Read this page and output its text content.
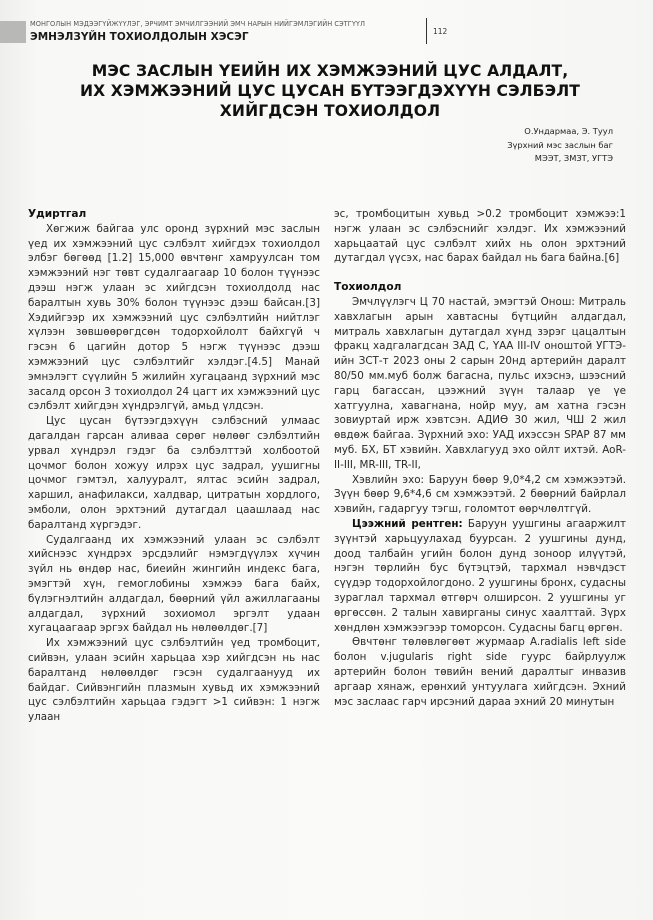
МОНГОЛЫН МЭДЭЭГҮЙЖҮҮЛЭГ, ЭРЧИМТ ЭМЧИЛГЭЭНИЙ ЭМЧ НАРЫН НИЙГЭМЛЭГИЙН СЭТГҮҮЛ
ЭМНЭЛЗҮЙН ТОХИОЛДОЛЫН ХЭСЭГ	112
МЭС ЗАСЛЫН ҮЕИЙН ИХ ХЭМЖЭЭНИЙ ЦУС АЛДАЛТ,
ИХ ХЭМЖЭЭНИЙ ЦУС ЦУСАН БҮТЭЭГДЭХҮҮН СЭЛБЭЛТ
ХИЙГДСЭН ТОХИОЛДОЛ
О.Ундармаа, Э. Туул
Зүрхний мэс заслын баг
МЭЭТ, ЗМЗТ, УГТЭ

Удиртгал

Хөгжиж байгаа улс оронд зүрхний мэс заслын үед их хэмжээний цус сэлбэлт хийгдэх тохиолдол элбэг бөгөөд [1.2] 15,000 өвчтөнг хамруулсан том хэмжээний нэг төвт судалгаагаар 10 болон түүнээс дээш нэгж улаан эс хийгдсэн тохиолдолд нас баралтын хувь 30% болон түүнээс дээш байсан.[3] Хэдийгээр их хэмжээний цус сэлбэлтийн нийтлэг хүлээн зөвшөөрөгдсөн тодорхойлолт байхгүй ч гэсэн 6 цагийн дотор 5 нэгж түүнээс дээш хэмжээний цус сэлбэлтийг хэлдэг.[4.5] Манай эмнэлэгт сүүлийн 5 жилийн хугацаанд зүрхний мэс засалд орсон 3 тохиолдол 24 цагт их хэмжээний цус сэлбэлт хийгдэн хүндрэлгүй, амьд үлдсэн.

Цус цусан бүтээгдэхүүн сэлбэсний улмаас дагалдан гарсан аливаа сөрөг нөлөөг сэлбэлтийн урвал хүндрэл гэдэг ба сэлбэлттэй холбоотой цочмог болон хожуу илрэх цус задрал, уушигны цочмог гэмтэл, халуурaлт, ялтас эсийн задрал, харшил, анафилакси, халдвар, цитратын хордлого, эмболи, олон эрхтэний дутагдал цаашлаад нас баралтанд хүргэдэг.

Судалгаанд их хэмжээний улаан эс сэлбэлт хийснээс хүндрэх эрсдэлийг нэмэгдүүлэх хүчин зүйл нь өндөр нас, биеийн жингийн индекс бага, эмэгтэй хүн, гемоглобины хэмжээ бага байх, бүлэгнэлтийн алдагдал, бөөрний үйл ажиллагааны алдагдал, зүрхний зохиомол эргэлт удаан хугацаагаар эргэх байдал нь нөлөөлдөг.[7]

Их хэмжээний цус сэлбэлтийн үед тромбоцит, сийвэн, улаан эсийн харьцаа хэр хийгдсэн нь нас баралтанд нөлөөлдөг гэсэн судалгаанууд их байдаг. Сийвэнгийн плазмын хувьд их хэмжээний цус сэлбэлтийн харьцаа гэдэгт >1 сийвэн: 1 нэгж улаан

эс, тромбоцитын хувьд >0.2 тромбоцит хэмжээ:1 нэгж улаан эс сэлбэснийг хэлдэг. Их хэмжээний харьцаатай цус сэлбэлт хийх нь олон эрхтэний дутагдал үүсэх, нас барах байдал нь бага байна.[6]

Тохиолдол

Эмчлүүлэгч Ц 70 настай, эмэгтэй Онош: Митраль хавхлагын арын хавтасны бүтцийн алдагдал, митраль хавхлагын дутагдал хүнд зэрэг цацалтын фракц хадгалагдсан ЗАД С, ҮАА III-IV оноштой УГТЭ-ийн ЗСТ-т 2023 оны 2 сарын 20нд артерийн даралт 80/50 мм.муб болж багасна, пульс ихэснэ, шээсний гарц багассан, цээжний зүүн талаар үе үе хатгуулна, хавагнана, нойр муу, ам хатна гэсэн зовиуртай ирж хэвтсэн. АДИӨ 30 жил, ЧШ 2 жил өвдөж байгаа. Зүрхний эхо: УАД ихэссэн SPAP 87 мм муб. БХ, БТ хэвийн. Хавхлагууд эхо ойлт ихтэй. AoR-II-III, MR-III, TR-II,

Хэвлийн эхо: Баруун бөөр 9,0*4,2 см хэмжээтэй. Зүүн бөөр 9,6*4,6 см хэмжээтэй. 2 бөөрний байрлал хэвийн, гадаргуу тэгш, голомтот өөрчлөлтгүй.

Цээжний рентген: Баруун уушгины агааржилт зүүнтэй харьцуулахад буурсан. 2 уушгины дунд, доод талбайн угийн болон дунд зоноор илүүтэй, нэгэн төрлийн бус бүтэцтэй, тархмал нэвчдэст сүүдэр тодорхойлогдоно. 2 уушгины бронх, судасны зураглал тархмал өтгөрч олширсон. 2 уушгины уг өргөссөн. 2 талын хавирганы синус хаалттай. Зүрх хөндлөн хэмжээгээр томорсон. Судасны багц өргөн.

Өвчтөнг төлөвлөгөөт журмаар A.radialis left side болон v.jugularis right side гуурс байрлуулж артерийн болон төвийн вений даралтыг инвазив аргаар хянаж, ерөнхий унтуулага хийгдсэн. Эхний мэс заслаас гарч ирсэний дараа эхний 20 минутын
